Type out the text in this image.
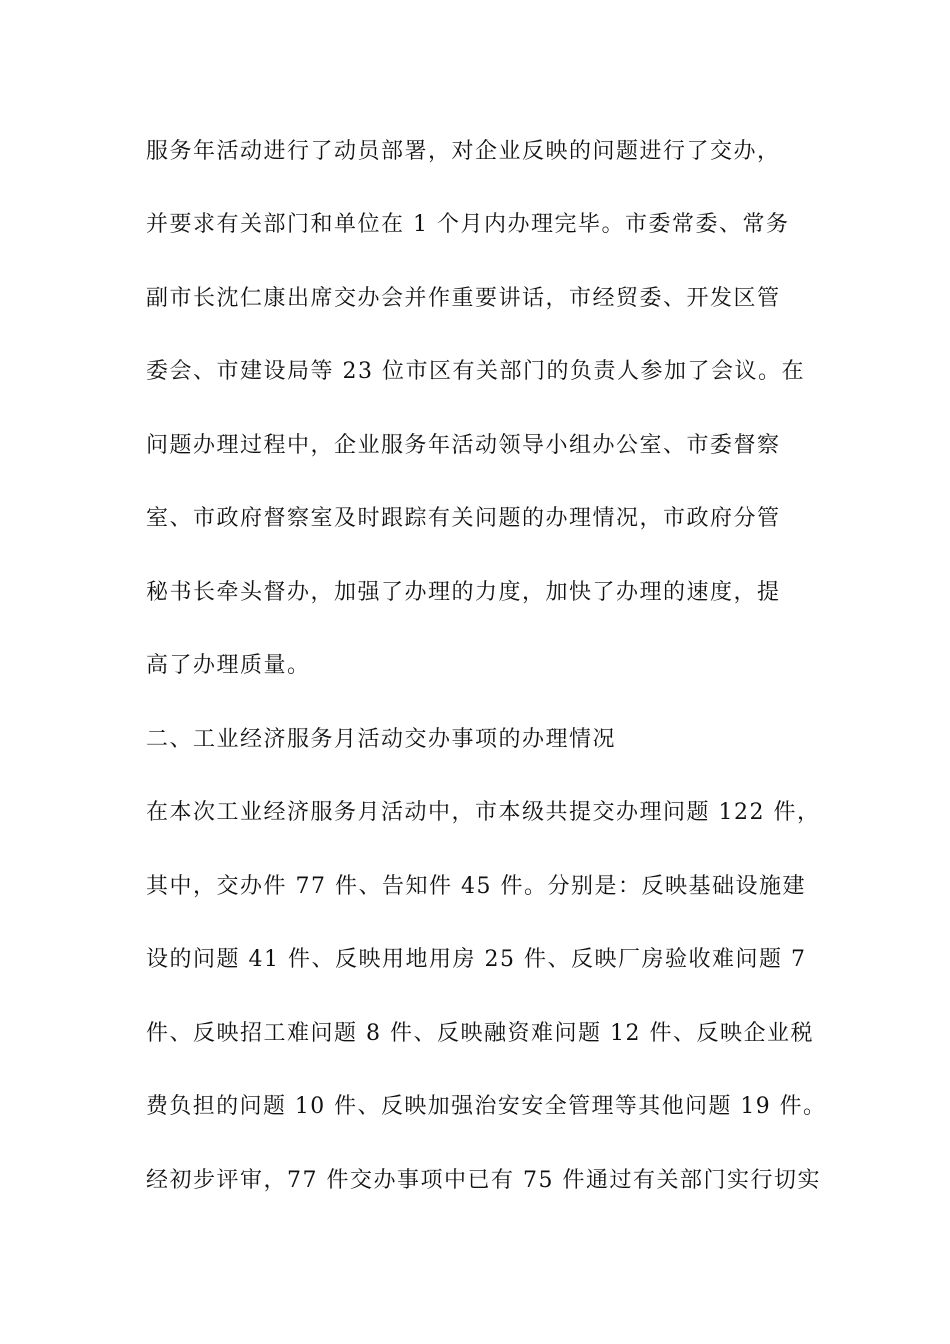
服务年活动进行了动员部署，对企业反映的问题进行了交办，
并要求有关部门和单位在 1 个月内办理完毕。市委常委、常务
副市长沈仁康出席交办会并作重要讲话，市经贸委、开发区管
委会、市建设局等 23 位市区有关部门的负责人参加了会议。在
问题办理过程中，企业服务年活动领导小组办公室、市委督察
室、市政府督察室及时跟踪有关问题的办理情况，市政府分管
秘书长牵头督办，加强了办理的力度，加快了办理的速度，提
高了办理质量。
二、工业经济服务月活动交办事项的办理情况
在本次工业经济服务月活动中，市本级共提交办理问题 122 件，
其中，交办件 77 件、告知件 45 件。分别是：反映基础设施建
设的问题 41 件、反映用地用房 25 件、反映厂房验收难问题 7
件、反映招工难问题 8 件、反映融资难问题 12 件、反映企业税
费负担的问题 10 件、反映加强治安安全管理等其他问题 19 件。
经初步评审，77 件交办事项中已有 75 件通过有关部门实行切实
